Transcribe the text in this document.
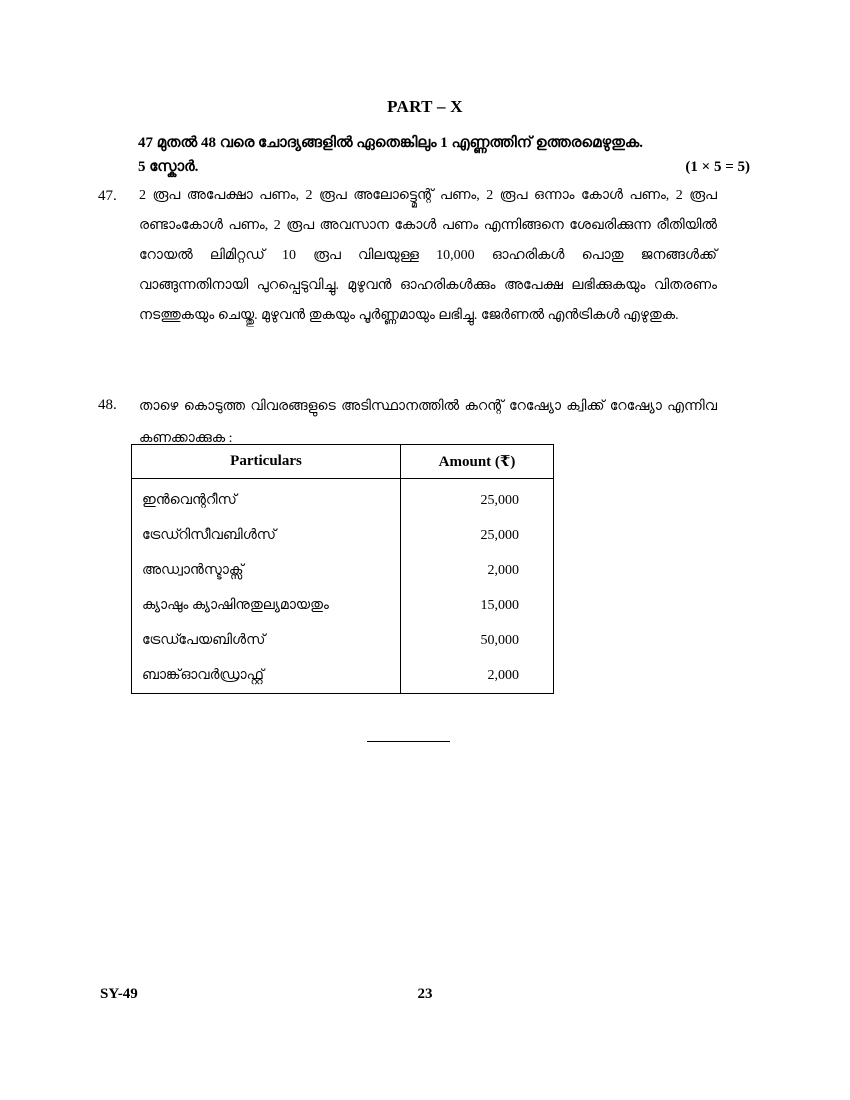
PART – X
47 മുതൽ 48 വരെ ചോദ്യങ്ങളിൽ ഏതെങ്കിലും 1 എണ്ണത്തിന് ഉത്തരമെഴുതുക.
5 സ്കോർ.	(1 × 5 = 5)
47. 2 രൂപ അപേക്ഷാ പണം, 2 രൂപ അലോട്ട്മെന്റ് പണം, 2 രൂപ ഒന്നാം കോൾ പണം, 2 രൂപ രണ്ടാംകോൾ പണം, 2 രൂപ അവസാന കോൾ പണം എന്നിങ്ങനെ ശേഖരിക്കുന്ന രീതിയിൽ റോയൽ ലിമിറ്റഡ് 10 രൂപ വിലയുള്ള 10,000 ഓഹരികൾ പൊതു ജനങ്ങൾക്ക് വാങ്ങുന്നതിനായി പുറപ്പെടുവിച്ചു. മുഴുവൻ ഓഹരികൾക്കും അപേക്ഷ ലഭിക്കുകയും വിതരണം നടത്തുകയും ചെയ്തു. മുഴുവൻ തുകയും പൂർണ്ണമായും ലഭിച്ചു. ജേർണൽ എൻട്രികൾ എഴുതുക.
48. താഴെ കൊടുത്ത വിവരങ്ങളുടെ അടിസ്ഥാനത്തിൽ കറന്റ് റേഷ്യോ ക്വിക്ക് റേഷ്യോ എന്നിവ കണക്കാക്കുക :
Particulars	Amount (₹)
ഇൻവെന്ററീസ്	25,000
ട്രേഡ്റിസീവബിൾസ്	25,000
അഡ്വാൻസ്ടാക്സ്	2,000
ക്യാഷും ക്യാഷിനുതുല്യമായതും	15,000
ട്രേഡ്പേയബിൾസ്	50,000
ബാങ്ക്ഓവർഡ്രാഫ്റ്റ്	2,000
SY-49	23
